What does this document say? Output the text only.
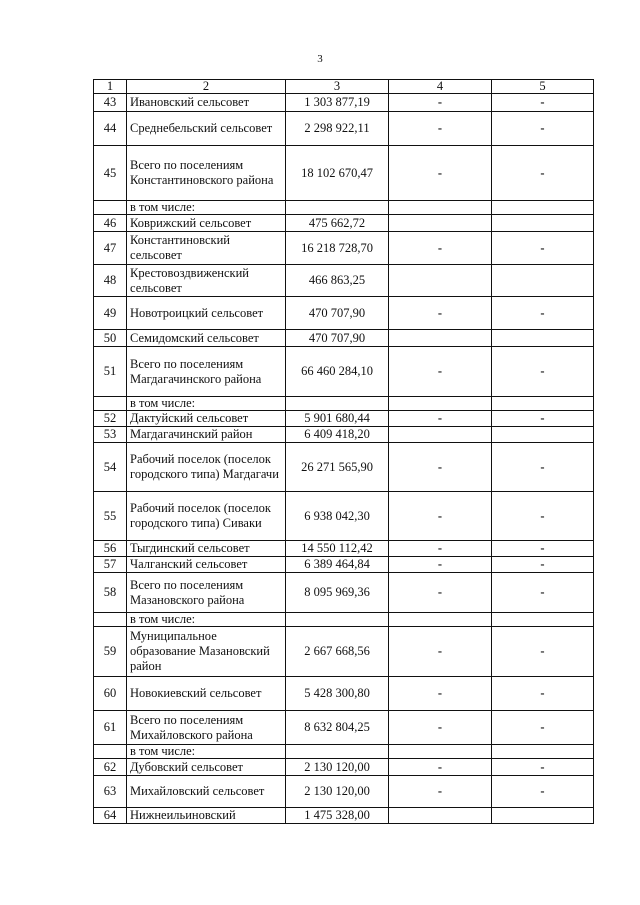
3
1	2	3	4	5
43	Ивановский сельсовет	1 303 877,19	-	-
44	Среднебельский сельсовет	2 298 922,11	-	-
45	Всего по поселениям Константиновского района	18 102 670,47	-	-
	в том числе:			
46	Коврижский сельсовет	475 662,72		
47	Константиновский сельсовет	16 218 728,70	-	-
48	Крестовоздвиженский сельсовет	466 863,25		
49	Новотроицкий сельсовет	470 707,90	-	-
50	Семидомский сельсовет	470 707,90		
51	Всего по поселениям Магдагачинского района	66 460 284,10	-	-
	в том числе:			
52	Дактуйский сельсовет	5 901 680,44	-	-
53	Магдагачинский район	6 409 418,20		
54	Рабочий поселок (поселок городского типа) Магдагачи	26 271 565,90	-	-
55	Рабочий поселок (поселок городского типа) Сиваки	6 938 042,30	-	-
56	Тыгдинский сельсовет	14 550 112,42	-	-
57	Чалганский сельсовет	6 389 464,84	-	-
58	Всего по поселениям Мазановского района	8 095 969,36	-	-
	в том числе:			
59	Муниципальное образование Мазановский район	2 667 668,56	-	-
60	Новокиевский сельсовет	5 428 300,80	-	-
61	Всего по поселениям Михайловского района	8 632 804,25	-	-
	в том числе:			
62	Дубовский сельсовет	2 130 120,00	-	-
63	Михайловский сельсовет	2 130 120,00	-	-
64	Нижнеильиновский	1 475 328,00		
